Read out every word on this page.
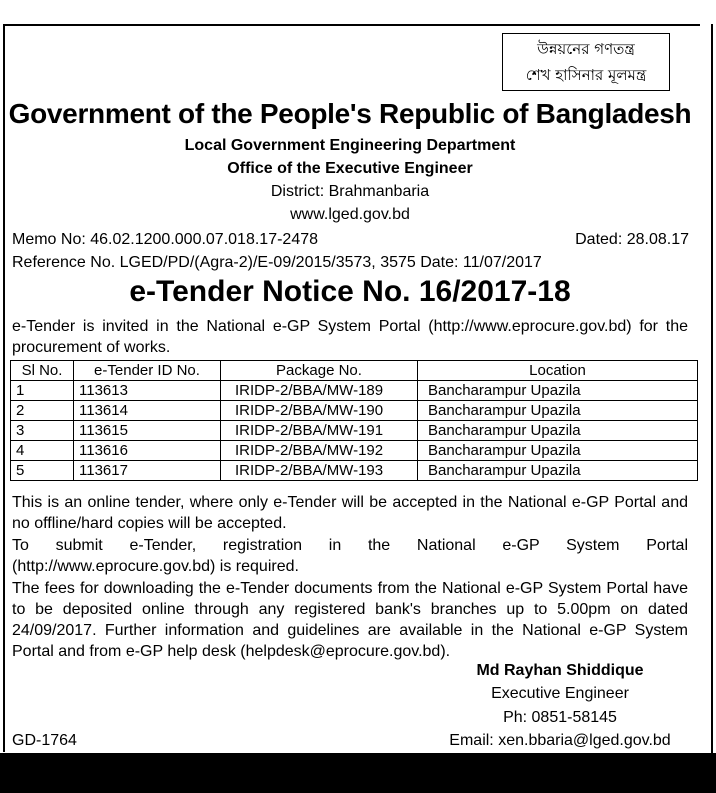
উন্নয়নের গণতন্ত্র
শেখ হাসিনার মূলমন্ত্র
Government of the People's Republic of Bangladesh
Local Government Engineering Department
Office of the Executive Engineer
District: Brahmanbaria
www.lged.gov.bd
Memo No: 46.02.1200.000.07.018.17-2478	Dated: 28.08.17
Reference No. LGED/PD/(Agra-2)/E-09/2015/3573, 3575 Date: 11/07/2017
e-Tender Notice No. 16/2017-18
e-Tender is invited in the National e-GP System Portal (http://www.eprocure.gov.bd) for the procurement of works.
Sl No.	e-Tender ID No.	Package No.	Location
1	113613	IRIDP-2/BBA/MW-189	Bancharampur Upazila
2	113614	IRIDP-2/BBA/MW-190	Bancharampur Upazila
3	113615	IRIDP-2/BBA/MW-191	Bancharampur Upazila
4	113616	IRIDP-2/BBA/MW-192	Bancharampur Upazila
5	113617	IRIDP-2/BBA/MW-193	Bancharampur Upazila
This is an online tender, where only e-Tender will be accepted in the National e-GP Portal and no offline/hard copies will be accepted.
To submit e-Tender, registration in the National e-GP System Portal (http://www.eprocure.gov.bd) is required.
The fees for downloading the e-Tender documents from the National e-GP System Portal have to be deposited online through any registered bank's branches up to 5.00pm on dated 24/09/2017. Further information and guidelines are available in the National e-GP System Portal and from e-GP help desk (helpdesk@eprocure.gov.bd).
Md Rayhan Shiddique
Executive Engineer
Ph: 0851-58145
Email: xen.bbaria@lged.gov.bd
GD-1764
